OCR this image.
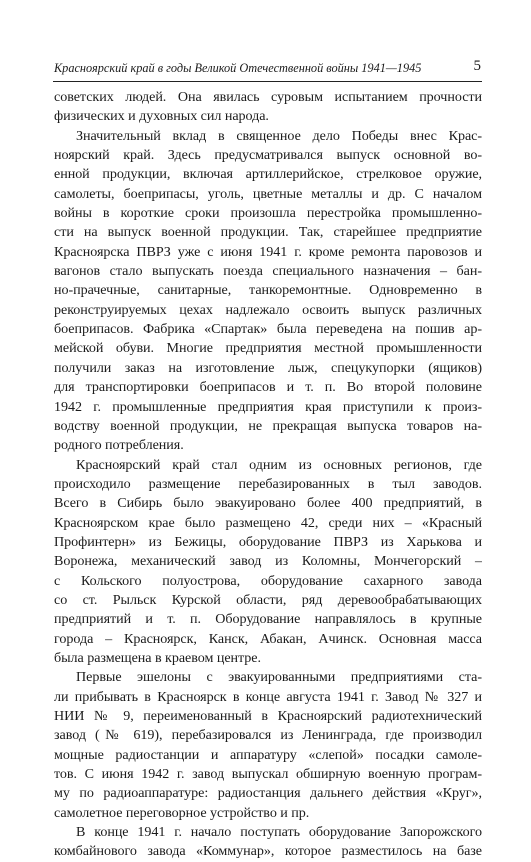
Красноярский край в годы Великой Отечественной войны 1941—1945	5
советских людей. Она явилась суровым испытанием прочности
физических и духовных сил народа.
Значительный вклад в священное дело Победы внес Крас-
ноярский край. Здесь предусматривался выпуск основной во-
енной продукции, включая артиллерийское, стрелковое оружие,
самолеты, боеприпасы, уголь, цветные металлы и др. С началом
войны в короткие сроки произошла перестройка промышленно-
сти на выпуск военной продукции. Так, старейшее предприятие
Красноярска ПВРЗ уже с июня 1941 г. кроме ремонта паровозов и
вагонов стало выпускать поезда специального назначения – бан-
но-прачечные, санитарные, танкоремонтные. Одновременно в
реконструируемых цехах надлежало освоить выпуск различных
боеприпасов. Фабрика «Спартак» была переведена на пошив ар-
мейской обуви. Многие предприятия местной промышленности
получили заказ на изготовление лыж, спецукупорки (ящиков)
для транспортировки боеприпасов и т. п. Во второй половине
1942 г. промышленные предприятия края приступили к произ-
водству военной продукции, не прекращая выпуска товаров на-
родного потребления.
Красноярский край стал одним из основных регионов, где
происходило размещение перебазированных в тыл заводов.
Всего в Сибирь было эвакуировано более 400 предприятий, в
Красноярском крае было размещено 42, среди них – «Красный
Профинтерн» из Бежицы, оборудование ПВРЗ из Харькова и
Воронежа, механический завод из Коломны, Мончегорский –
с Кольского полуострова, оборудование сахарного завода
со ст. Рыльск Курской области, ряд деревообрабатывающих
предприятий и т. п. Оборудование направлялось в крупные
города – Красноярск, Канск, Абакан, Ачинск. Основная масса
была размещена в краевом центре.
Первые эшелоны с эвакуированными предприятиями ста-
ли прибывать в Красноярск в конце августа 1941 г. Завод № 327 и
НИИ № 9, переименованный в Красноярский радиотехнический
завод (№ 619), перебазировался из Ленинграда, где производил
мощные радиостанции и аппаратуру «слепой» посадки самоле-
тов. С июня 1942 г. завод выпускал обширную военную програм-
му по радиоаппаратуре: радиостанция дальнего действия «Круг»,
самолетное переговорное устройство и пр.
В конце 1941 г. начало поступать оборудование Запорожского
комбайнового завода «Коммунар», которое разместилось на базе
